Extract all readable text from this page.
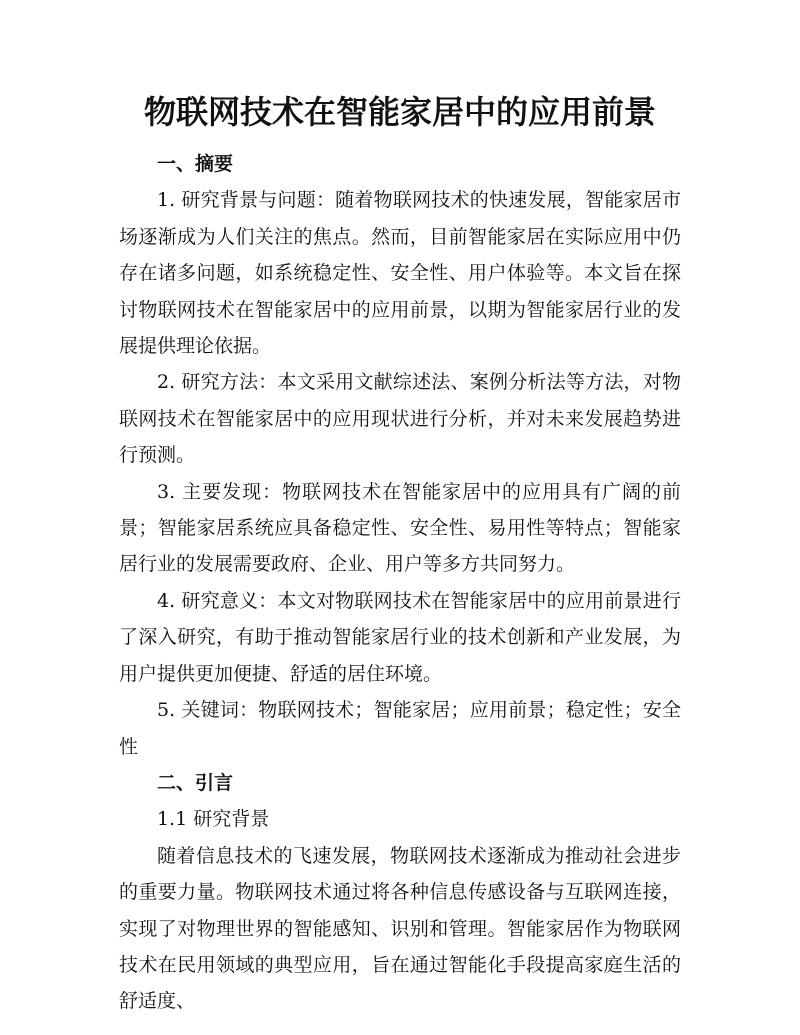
物联网技术在智能家居中的应用前景

一、摘要

1. 研究背景与问题：随着物联网技术的快速发展，智能家居市场逐渐成为人们关注的焦点。然而，目前智能家居在实际应用中仍存在诸多问题，如系统稳定性、安全性、用户体验等。本文旨在探讨物联网技术在智能家居中的应用前景，以期为智能家居行业的发展提供理论依据。

2. 研究方法：本文采用文献综述法、案例分析法等方法，对物联网技术在智能家居中的应用现状进行分析，并对未来发展趋势进行预测。

3. 主要发现：物联网技术在智能家居中的应用具有广阔的前景；智能家居系统应具备稳定性、安全性、易用性等特点；智能家居行业的发展需要政府、企业、用户等多方共同努力。

4. 研究意义：本文对物联网技术在智能家居中的应用前景进行了深入研究，有助于推动智能家居行业的技术创新和产业发展，为用户提供更加便捷、舒适的居住环境。

5. 关键词：物联网技术；智能家居；应用前景；稳定性；安全性

二、引言

1.1 研究背景

随着信息技术的飞速发展，物联网技术逐渐成为推动社会进步的重要力量。物联网技术通过将各种信息传感设备与互联网连接，实现了对物理世界的智能感知、识别和管理。智能家居作为物联网技术在民用领域的典型应用，旨在通过智能化手段提高家庭生活的舒适度、
